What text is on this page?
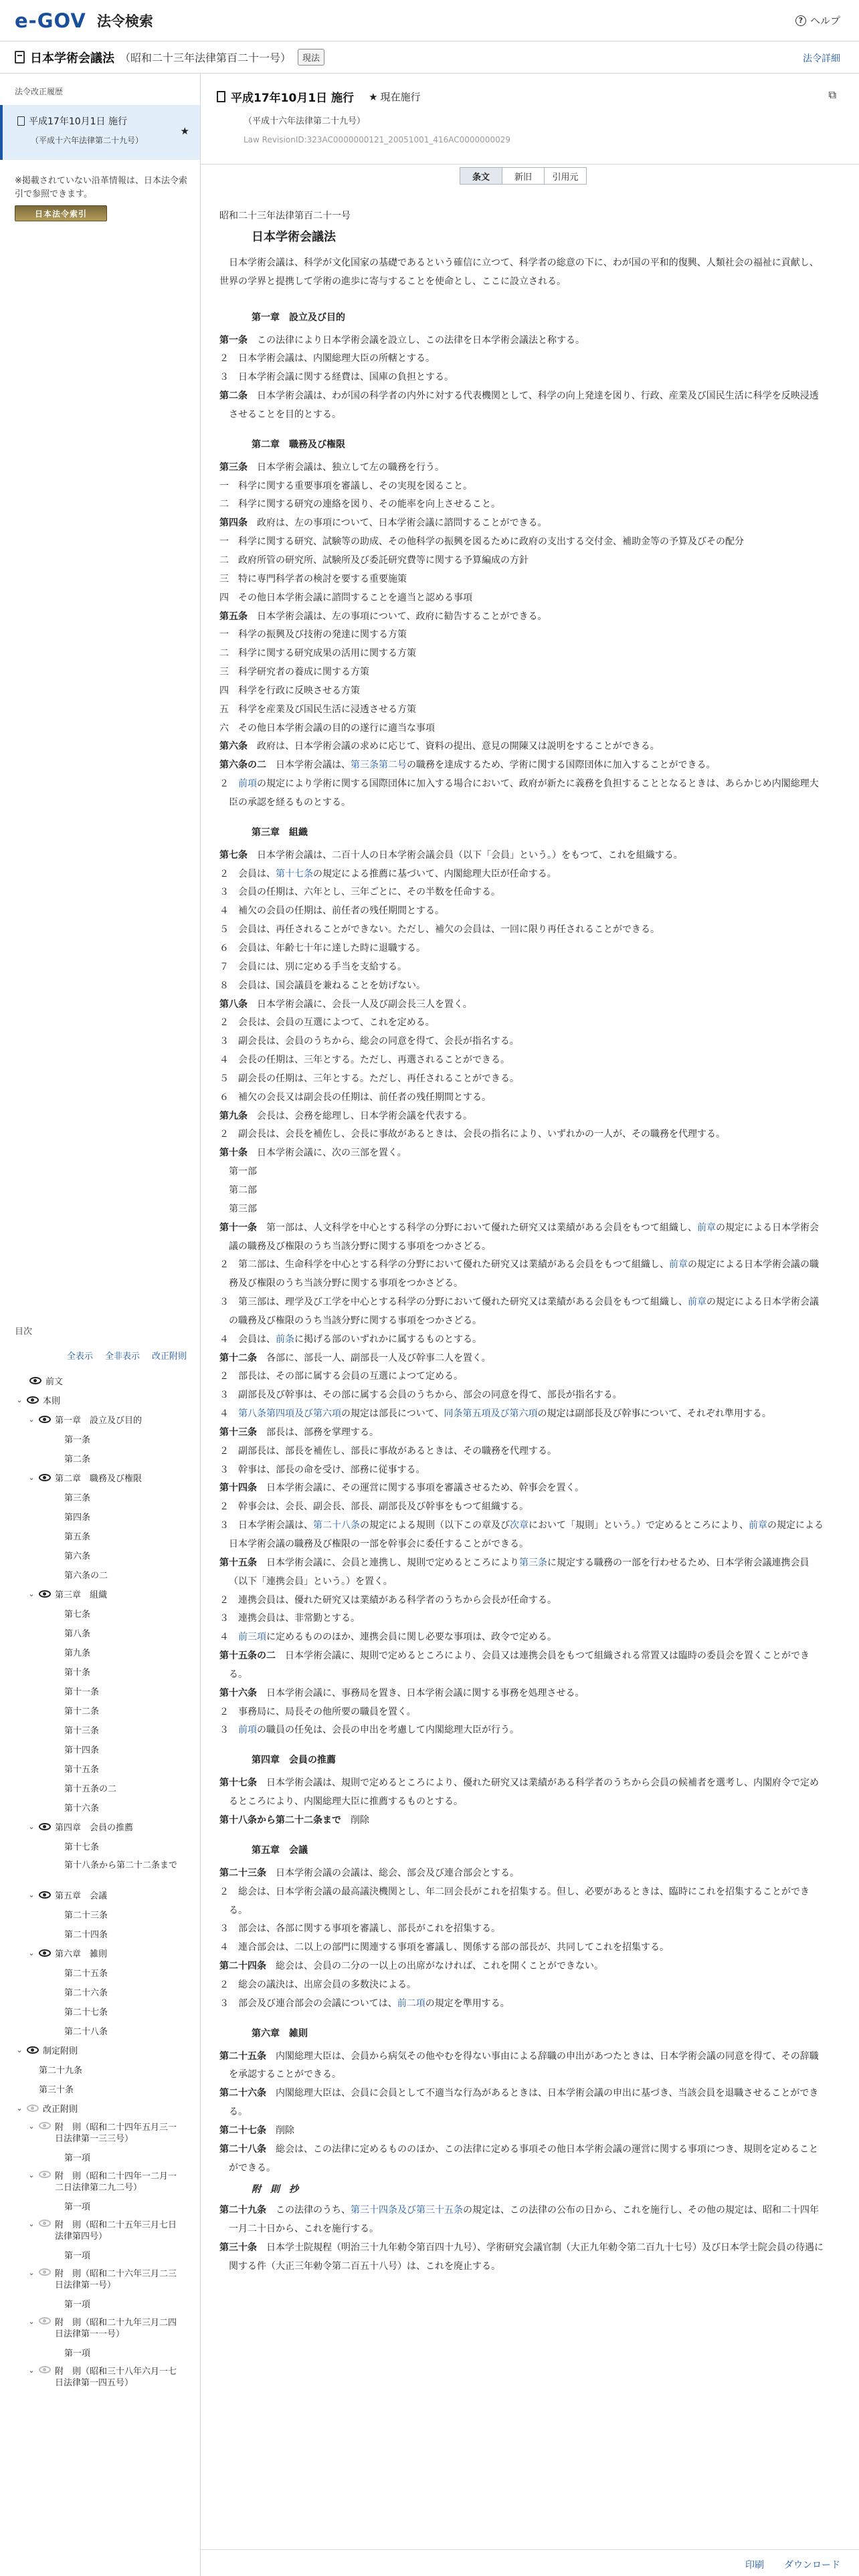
e-GOV 法令検索	? ヘルプ
日本学術会議法 （昭和二十三年法律第百二十一号）	現法	法令詳細
法令改正履歴
平成17年10月1日 施行
（平成十六年法律第二十九号）
★
※掲載されていない沿革情報は、日本法令索引で参照できます。
日本法令索引
目次
全表示 全非表示 改正附則
前文
⌄ 本則
⌄ 第一章　設立及び目的
第一条
第二条
⌄ 第二章　職務及び権限
第三条
第四条
第五条
第六条
第六条の二
⌄ 第三章　組織
第七条
第八条
第九条
第十条
第十一条
第十二条
第十三条
第十四条
第十五条
第十五条の二
第十六条
⌄ 第四章　会員の推薦
第十七条
第十八条から第二十二条まで
⌄ 第五章　会議
第二十三条
第二十四条
⌄ 第六章　雑則
第二十五条
第二十六条
第二十七条
第二十八条
⌄ 制定附則
第二十九条
第三十条
⌄ 改正附則
⌄ 附　則（昭和二十四年五月三一日法律第一三三号）
第一項
⌄ 附　則（昭和二十四年一二月一二日法律第二九二号）
第一項
⌄ 附　則（昭和二十五年三月七日法律第四号）
第一項
⌄ 附　則（昭和二十六年三月二三日法律第一号）
第一項
⌄ 附　則（昭和二十九年三月二四日法律第一一号）
第一項
⌄ 附　則（昭和三十八年六月一七日法律第一四五号）
平成17年10月1日 施行 ★ 現在施行	⧉
（平成十六年法律第二十九号）
Law RevisionID:323AC0000000121_20051001_416AC0000000029
条文	新旧	引用元
昭和二十三年法律第百二十一号
日本学術会議法
日本学術会議は、科学が文化国家の基礎であるという確信に立つて、科学者の総意の下に、わが国の平和的復興、人類社会の福祉に貢献し、世界の学界と提携して学術の進歩に寄与することを使命とし、ここに設立される。
第一章　設立及び目的
第一条　この法律により日本学術会議を設立し、この法律を日本学術会議法と称する。
２　日本学術会議は、内閣総理大臣の所轄とする。
３　日本学術会議に関する経費は、国庫の負担とする。
第二条　日本学術会議は、わが国の科学者の内外に対する代表機関として、科学の向上発達を図り、行政、産業及び国民生活に科学を反映浸透させることを目的とする。
第二章　職務及び権限
第三条　日本学術会議は、独立して左の職務を行う。
一　科学に関する重要事項を審議し、その実現を図ること。
二　科学に関する研究の連絡を図り、その能率を向上させること。
第四条　政府は、左の事項について、日本学術会議に諮問することができる。
一　科学に関する研究、試験等の助成、その他科学の振興を図るために政府の支出する交付金、補助金等の予算及びその配分
二　政府所管の研究所、試験所及び委託研究費等に関する予算編成の方針
三　特に専門科学者の検討を要する重要施策
四　その他日本学術会議に諮問することを適当と認める事項
第五条　日本学術会議は、左の事項について、政府に勧告することができる。
一　科学の振興及び技術の発達に関する方策
二　科学に関する研究成果の活用に関する方策
三　科学研究者の養成に関する方策
四　科学を行政に反映させる方策
五　科学を産業及び国民生活に浸透させる方策
六　その他日本学術会議の目的の遂行に適当な事項
第六条　政府は、日本学術会議の求めに応じて、資料の提出、意見の開陳又は説明をすることができる。
第六条の二　日本学術会議は、第三条第二号の職務を達成するため、学術に関する国際団体に加入することができる。
２　前項の規定により学術に関する国際団体に加入する場合において、政府が新たに義務を負担することとなるときは、あらかじめ内閣総理大臣の承認を経るものとする。
第三章　組織
第七条　日本学術会議は、二百十人の日本学術会議会員（以下「会員」という。）をもつて、これを組織する。
２　会員は、第十七条の規定による推薦に基づいて、内閣総理大臣が任命する。
３　会員の任期は、六年とし、三年ごとに、その半数を任命する。
４　補欠の会員の任期は、前任者の残任期間とする。
５　会員は、再任されることができない。ただし、補欠の会員は、一回に限り再任されることができる。
６　会員は、年齢七十年に達した時に退職する。
７　会員には、別に定める手当を支給する。
８　会員は、国会議員を兼ねることを妨げない。
第八条　日本学術会議に、会長一人及び副会長三人を置く。
２　会長は、会員の互選によつて、これを定める。
３　副会長は、会員のうちから、総会の同意を得て、会長が指名する。
４　会長の任期は、三年とする。ただし、再選されることができる。
５　副会長の任期は、三年とする。ただし、再任されることができる。
６　補欠の会長又は副会長の任期は、前任者の残任期間とする。
第九条　会長は、会務を総理し、日本学術会議を代表する。
２　副会長は、会長を補佐し、会長に事故があるときは、会長の指名により、いずれかの一人が、その職務を代理する。
第十条　日本学術会議に、次の三部を置く。
　第一部
　第二部
　第三部
第十一条　第一部は、人文科学を中心とする科学の分野において優れた研究又は業績がある会員をもつて組織し、前章の規定による日本学術会議の職務及び権限のうち当該分野に関する事項をつかさどる。
２　第二部は、生命科学を中心とする科学の分野において優れた研究又は業績がある会員をもつて組織し、前章の規定による日本学術会議の職務及び権限のうち当該分野に関する事項をつかさどる。
３　第三部は、理学及び工学を中心とする科学の分野において優れた研究又は業績がある会員をもつて組織し、前章の規定による日本学術会議の職務及び権限のうち当該分野に関する事項をつかさどる。
４　会員は、前条に掲げる部のいずれかに属するものとする。
第十二条　各部に、部長一人、副部長一人及び幹事二人を置く。
２　部長は、その部に属する会員の互選によつて定める。
３　副部長及び幹事は、その部に属する会員のうちから、部会の同意を得て、部長が指名する。
４　第八条第四項及び第六項の規定は部長について、同条第五項及び第六項の規定は副部長及び幹事について、それぞれ準用する。
第十三条　部長は、部務を掌理する。
２　副部長は、部長を補佐し、部長に事故があるときは、その職務を代理する。
３　幹事は、部長の命を受け、部務に従事する。
第十四条　日本学術会議に、その運営に関する事項を審議させるため、幹事会を置く。
２　幹事会は、会長、副会長、部長、副部長及び幹事をもつて組織する。
３　日本学術会議は、第二十八条の規定による規則（以下この章及び次章において「規則」という。）で定めるところにより、前章の規定による日本学術会議の職務及び権限の一部を幹事会に委任することができる。
第十五条　日本学術会議に、会員と連携し、規則で定めるところにより第三条に規定する職務の一部を行わせるため、日本学術会議連携会員（以下「連携会員」という。）を置く。
２　連携会員は、優れた研究又は業績がある科学者のうちから会長が任命する。
３　連携会員は、非常勤とする。
４　前三項に定めるもののほか、連携会員に関し必要な事項は、政令で定める。
第十五条の二　日本学術会議に、規則で定めるところにより、会員又は連携会員をもつて組織される常置又は臨時の委員会を置くことができる。
第十六条　日本学術会議に、事務局を置き、日本学術会議に関する事務を処理させる。
２　事務局に、局長その他所要の職員を置く。
３　前項の職員の任免は、会長の申出を考慮して内閣総理大臣が行う。
第四章　会員の推薦
第十七条　日本学術会議は、規則で定めるところにより、優れた研究又は業績がある科学者のうちから会員の候補者を選考し、内閣府令で定めるところにより、内閣総理大臣に推薦するものとする。
第十八条から第二十二条まで　削除
第五章　会議
第二十三条　日本学術会議の会議は、総会、部会及び連合部会とする。
２　総会は、日本学術会議の最高議決機関とし、年二回会長がこれを招集する。但し、必要があるときは、臨時にこれを招集することができる。
３　部会は、各部に関する事項を審議し、部長がこれを招集する。
４　連合部会は、二以上の部門に関連する事項を審議し、関係する部の部長が、共同してこれを招集する。
第二十四条　総会は、会員の二分の一以上の出席がなければ、これを開くことができない。
２　総会の議決は、出席会員の多数決による。
３　部会及び連合部会の会議については、前二項の規定を準用する。
第六章　雑則
第二十五条　内閣総理大臣は、会員から病気その他やむを得ない事由による辞職の申出があつたときは、日本学術会議の同意を得て、その辞職を承認することができる。
第二十六条　内閣総理大臣は、会員に会員として不適当な行為があるときは、日本学術会議の申出に基づき、当該会員を退職させることができる。
第二十七条　削除
第二十八条　総会は、この法律に定めるもののほか、この法律に定める事項その他日本学術会議の運営に関する事項につき、規則を定めることができる。
附　則　抄
第二十九条　この法律のうち、第三十四条及び第三十五条の規定は、この法律の公布の日から、これを施行し、その他の規定は、昭和二十四年一月二十日から、これを施行する。
第三十条　日本学士院規程（明治三十九年勅令第百四十九号）、学術研究会議官制（大正九年勅令第二百九十七号）及び日本学士院会員の待遇に関する件（大正三年勅令第二百五十八号）は、これを廃止する。
印刷 ダウンロード
